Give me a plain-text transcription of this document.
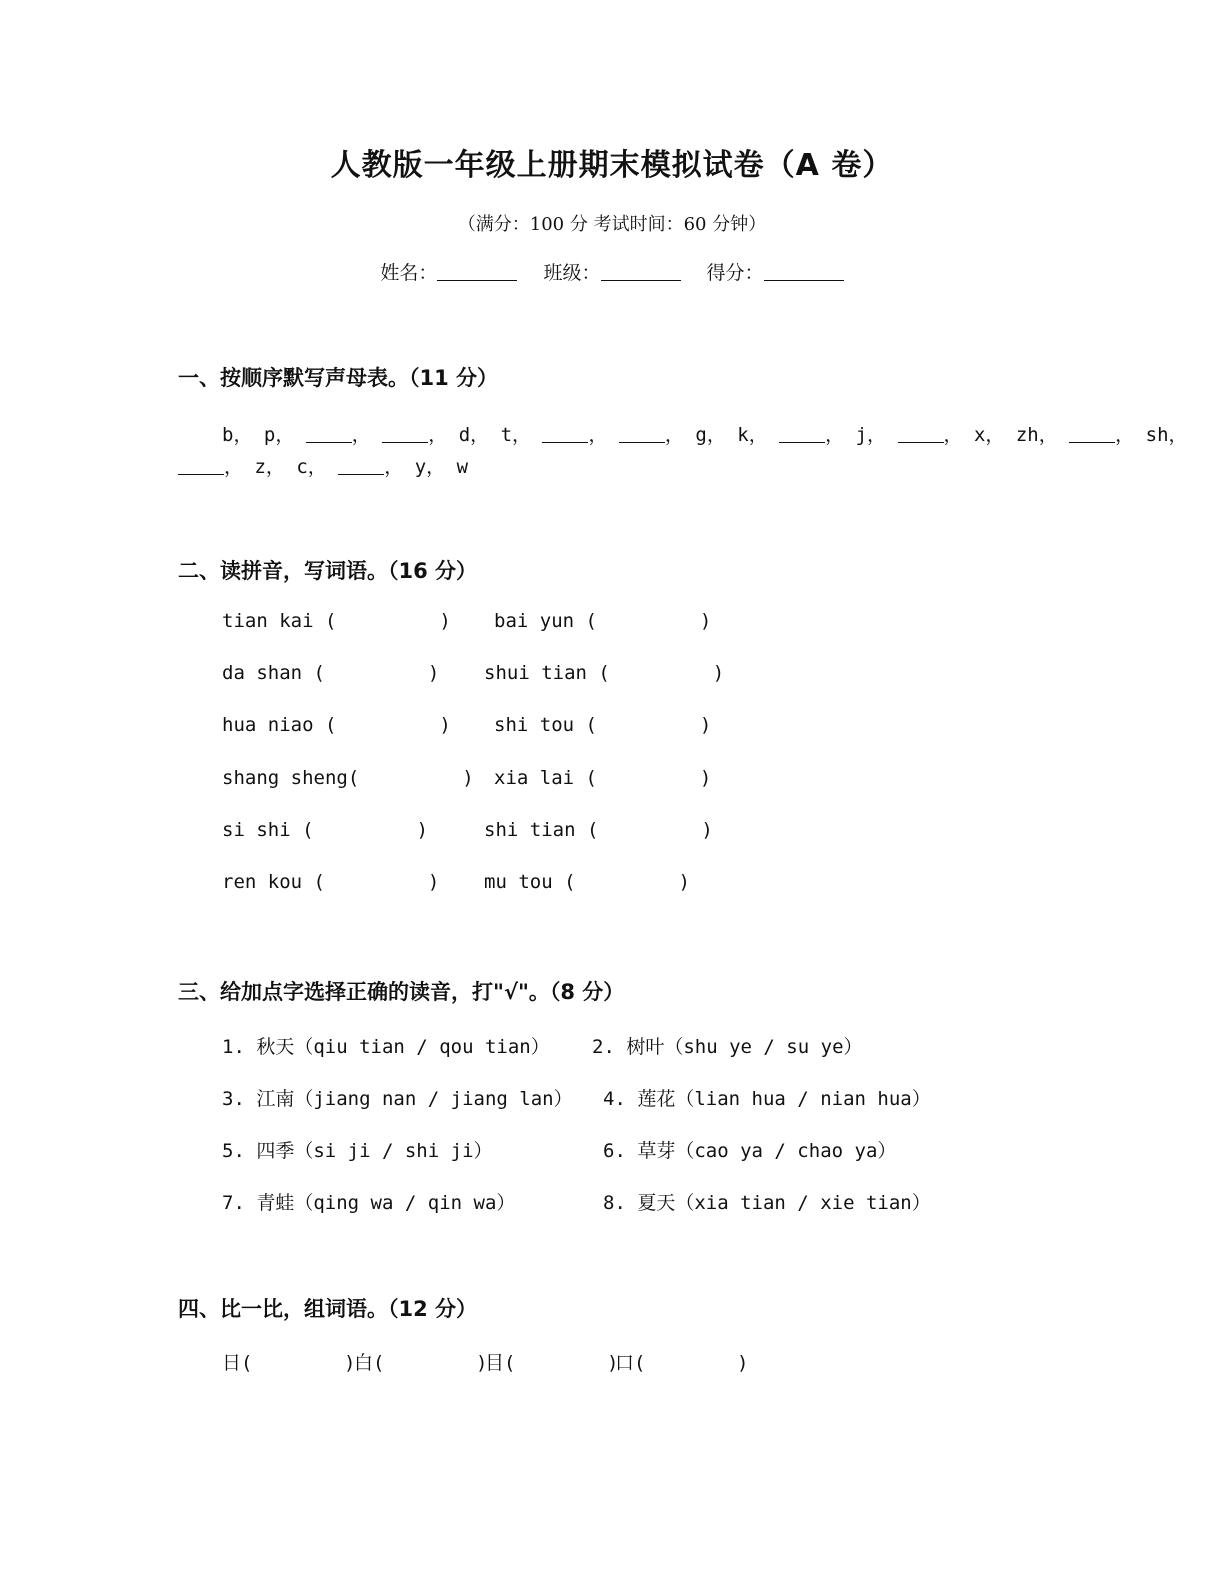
人教版一年级上册期末模拟试卷（A 卷）
（满分：100 分 考试时间：60 分钟）
姓名：	班级：	得分：
一、按顺序默写声母表。（11 分）
b， p， ， ， d， t， ， ， g， k， ， j， ， x， zh， ， sh，
， z， c， ， y， w
二、读拼音，写词语。（16 分）
tian kai (         ) bai yun (         )
da shan (         ) shui tian (         )
hua niao (         ) shi tou (         )
shang sheng(         ) xia lai (         )
si shi (         )	shi tian (         )
ren kou (         ) mu tou (         )
三、给加点字选择正确的读音，打"√"。（8 分）
1. 秋天（qiu tian / qou tian） 2. 树叶（shu ye / su ye）
3. 江南（jiang nan / jiang lan） 4. 莲花（lian hua / nian hua）
5. 四季（si ji / shi ji）	6. 草芽（cao ya / chao ya）
7. 青蛙（qing wa / qin wa）	8. 夏天（xia tian / xie tian）
四、比一比，组词语。（12 分）
日(        )
白(        )
目(        )
口(        )
